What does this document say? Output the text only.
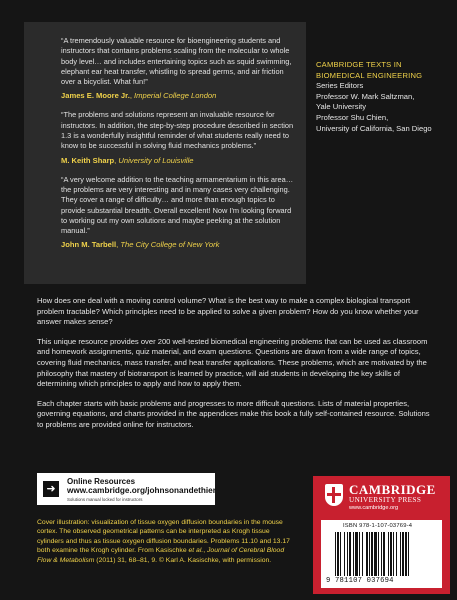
“A tremendously valuable resource for bioengineering students and instructors that contains problems scaling from the molecular to whole body level… and includes entertaining topics such as squid swimming, elephant ear heat transfer, whistling to spread germs, and air friction over a bicyclist. What fun!”

James E. Moore Jr., Imperial College London

“The problems and solutions represent an invaluable resource for instructors. In addition, the step-by-step procedure described in section 1.3 is a wonderfully insightful reminder of what students really need to know to be successful in solving fluid mechanics problems.”

M. Keith Sharp, University of Louisville

“A very welcome addition to the teaching armamentarium in this area… the problems are very interesting and in many cases very challenging. They cover a range of difficulty… and more than enough topics to provide substantial breadth. Overall excellent! Now I'm looking forward to working out my own solutions and maybe peeking at the solution manual.”

John M. Tarbell, The City College of New York
CAMBRIDGE TEXTS IN
BIOMEDICAL ENGINEERING
Series Editors
Professor W. Mark Saltzman,
Yale University
Professor Shu Chien,
University of California, San Diego

How does one deal with a moving control volume? What is the best way to make a complex biological transport problem tractable? Which principles need to be applied to solve a given problem? How do you know whether your answer makes sense?

This unique resource provides over 200 well-tested biomedical engineering problems that can be used as classroom and homework assignments, quiz material, and exam questions. Questions are drawn from a wide range of topics, covering fluid mechanics, mass transfer, and heat transfer applications. These problems, which are motivated by the philosophy that mastery of biotransport is learned by practice, will aid students in developing the key skills of determining which principles to apply and how to apply them.

Each chapter starts with basic problems and progresses to more difficult questions. Lists of material properties, governing equations, and charts provided in the appendices make this book a fully self-contained resource. Solutions to problems are provided online for instructors.

➜
Online Resources
www.cambridge.org/johnsonandethier
Solutions manual locked for instructors
Cover illustration: visualization of tissue oxygen diffusion boundaries in the mouse cortex. The observed geometrical patterns can be interpreted as Krogh tissue cylinders and thus as tissue oxygen diffusion boundaries. Problems 11.10 and 13.17 both examine the Krogh cylinder. From Kasischke et al., Journal of Cerebral Blood Flow & Metabolism (2011) 31, 68–81, 9. © Karl A. Kasischke, with permission.
CAMBRIDGE
UNIVERSITY PRESS
www.cambridge.org
ISBN 978-1-107-03769-4
9 781107 037694
